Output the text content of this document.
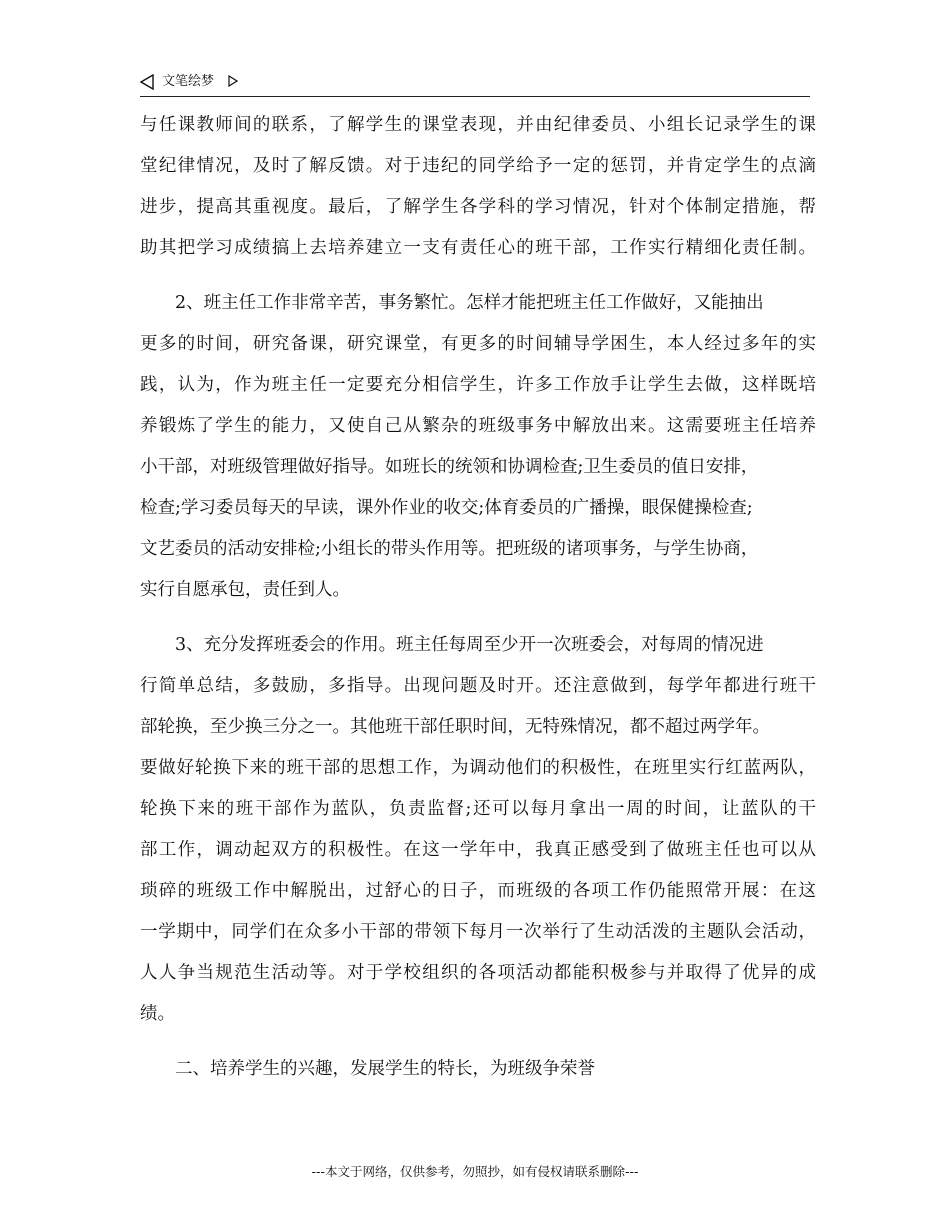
文笔绘梦
与任课教师间的联系，了解学生的课堂表现，并由纪律委员、小组长记录学生的课
堂纪律情况，及时了解反馈。对于违纪的同学给予一定的惩罚，并肯定学生的点滴
进步，提高其重视度。最后，了解学生各学科的学习情况，针对个体制定措施，帮
助其把学习成绩搞上去培养建立一支有责任心的班干部，工作实行精细化责任制。
2、班主任工作非常辛苦，事务繁忙。怎样才能把班主任工作做好，又能抽出
更多的时间，研究备课，研究课堂，有更多的时间辅导学困生，本人经过多年的实
践，认为，作为班主任一定要充分相信学生，许多工作放手让学生去做，这样既培
养锻炼了学生的能力，又使自己从繁杂的班级事务中解放出来。这需要班主任培养
小干部，对班级管理做好指导。如班长的统领和协调检查;卫生委员的值日安排，
检查;学习委员每天的早读，课外作业的收交;体育委员的广播操，眼保健操检查;
文艺委员的活动安排检;小组长的带头作用等。把班级的诸项事务，与学生协商，
实行自愿承包，责任到人。
3、充分发挥班委会的作用。班主任每周至少开一次班委会，对每周的情况进
行简单总结，多鼓励，多指导。出现问题及时开。还注意做到，每学年都进行班干
部轮换，至少换三分之一。其他班干部任职时间，无特殊情况，都不超过两学年。
要做好轮换下来的班干部的思想工作，为调动他们的积极性，在班里实行红蓝两队，
轮换下来的班干部作为蓝队，负责监督;还可以每月拿出一周的时间，让蓝队的干
部工作，调动起双方的积极性。在这一学年中，我真正感受到了做班主任也可以从
琐碎的班级工作中解脱出，过舒心的日子，而班级的各项工作仍能照常开展：在这
一学期中，同学们在众多小干部的带领下每月一次举行了生动活泼的主题队会活动，
人人争当规范生活动等。对于学校组织的各项活动都能积极参与并取得了优异的成
绩。
二、培养学生的兴趣，发展学生的特长，为班级争荣誉
---本文于网络，仅供参考，勿照抄，如有侵权请联系删除---
